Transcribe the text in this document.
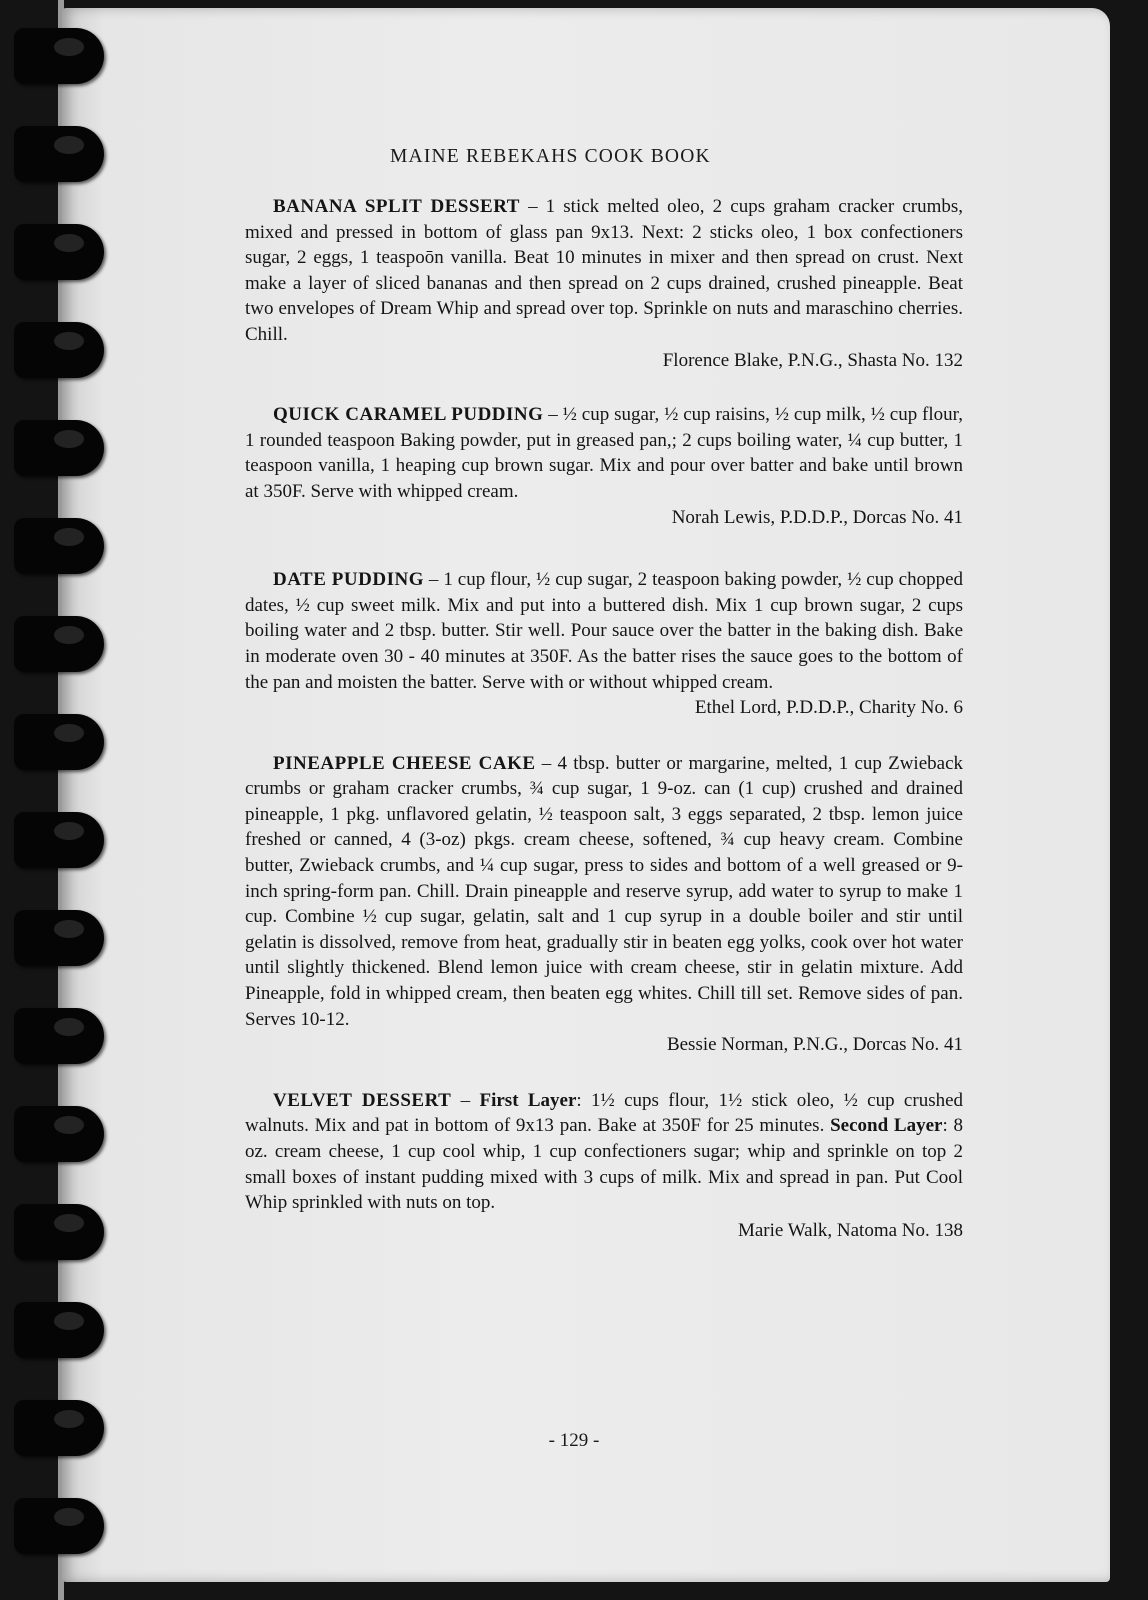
MAINE REBEKAHS COOK BOOK

BANANA SPLIT DESSERT – 1 stick melted oleo, 2 cups graham cracker crumbs, mixed and pressed in bottom of glass pan 9x13. Next: 2 sticks oleo, 1 box confectioners sugar, 2 eggs, 1 teaspoōn vanilla. Beat 10 minutes in mixer and then spread on crust. Next make a layer of sliced bananas and then spread on 2 cups drained, crushed pineapple. Beat two envelopes of Dream Whip and spread over top. Sprinkle on nuts and maraschino cherries. Chill.

Florence Blake, P.N.G., Shasta No. 132

QUICK CARAMEL PUDDING – ½ cup sugar, ½ cup raisins, ½ cup milk, ½ cup flour, 1 rounded teaspoon Baking powder, put in greased pan,; 2 cups boiling water, ¼ cup butter, 1 teaspoon vanilla, 1 heaping cup brown sugar. Mix and pour over batter and bake until brown at 350F. Serve with whipped cream.

Norah Lewis, P.D.D.P., Dorcas No. 41

DATE PUDDING – 1 cup flour, ½ cup sugar, 2 teaspoon baking powder, ½ cup chopped dates, ½ cup sweet milk. Mix and put into a buttered dish. Mix 1 cup brown sugar, 2 cups boiling water and 2 tbsp. butter. Stir well. Pour sauce over the batter in the baking dish. Bake in moderate oven 30 - 40 minutes at 350F. As the batter rises the sauce goes to the bottom of the pan and moisten the batter. Serve with or without whipped cream.

Ethel Lord, P.D.D.P., Charity No. 6

PINEAPPLE CHEESE CAKE – 4 tbsp. butter or margarine, melted, 1 cup Zwieback crumbs or graham cracker crumbs, ¾ cup sugar, 1 9-oz. can (1 cup) crushed and drained pineapple, 1 pkg. unflavored gelatin, ½ teaspoon salt, 3 eggs separated, 2 tbsp. lemon juice freshed or canned, 4 (3-oz) pkgs. cream cheese, softened, ¾ cup heavy cream. Combine butter, Zwieback crumbs, and ¼ cup sugar, press to sides and bottom of a well greased or 9-inch spring-form pan. Chill. Drain pineapple and reserve syrup, add water to syrup to make 1 cup. Combine ½ cup sugar, gelatin, salt and 1 cup syrup in a double boiler and stir until gelatin is dissolved, remove from heat, gradually stir in beaten egg yolks, cook over hot water until slightly thickened. Blend lemon juice with cream cheese, stir in gelatin mixture. Add Pineapple, fold in whipped cream, then beaten egg whites. Chill till set. Remove sides of pan. Serves 10-12.

Bessie Norman, P.N.G., Dorcas No. 41

VELVET DESSERT – First Layer: 1½ cups flour, 1½ stick oleo, ½ cup crushed walnuts. Mix and pat in bottom of 9x13 pan. Bake at 350F for 25 minutes. Second Layer: 8 oz. cream cheese, 1 cup cool whip, 1 cup confectioners sugar; whip and sprinkle on top 2 small boxes of instant pudding mixed with 3 cups of milk. Mix and spread in pan. Put Cool Whip sprinkled with nuts on top.

Marie Walk, Natoma No. 138

- 129 -
